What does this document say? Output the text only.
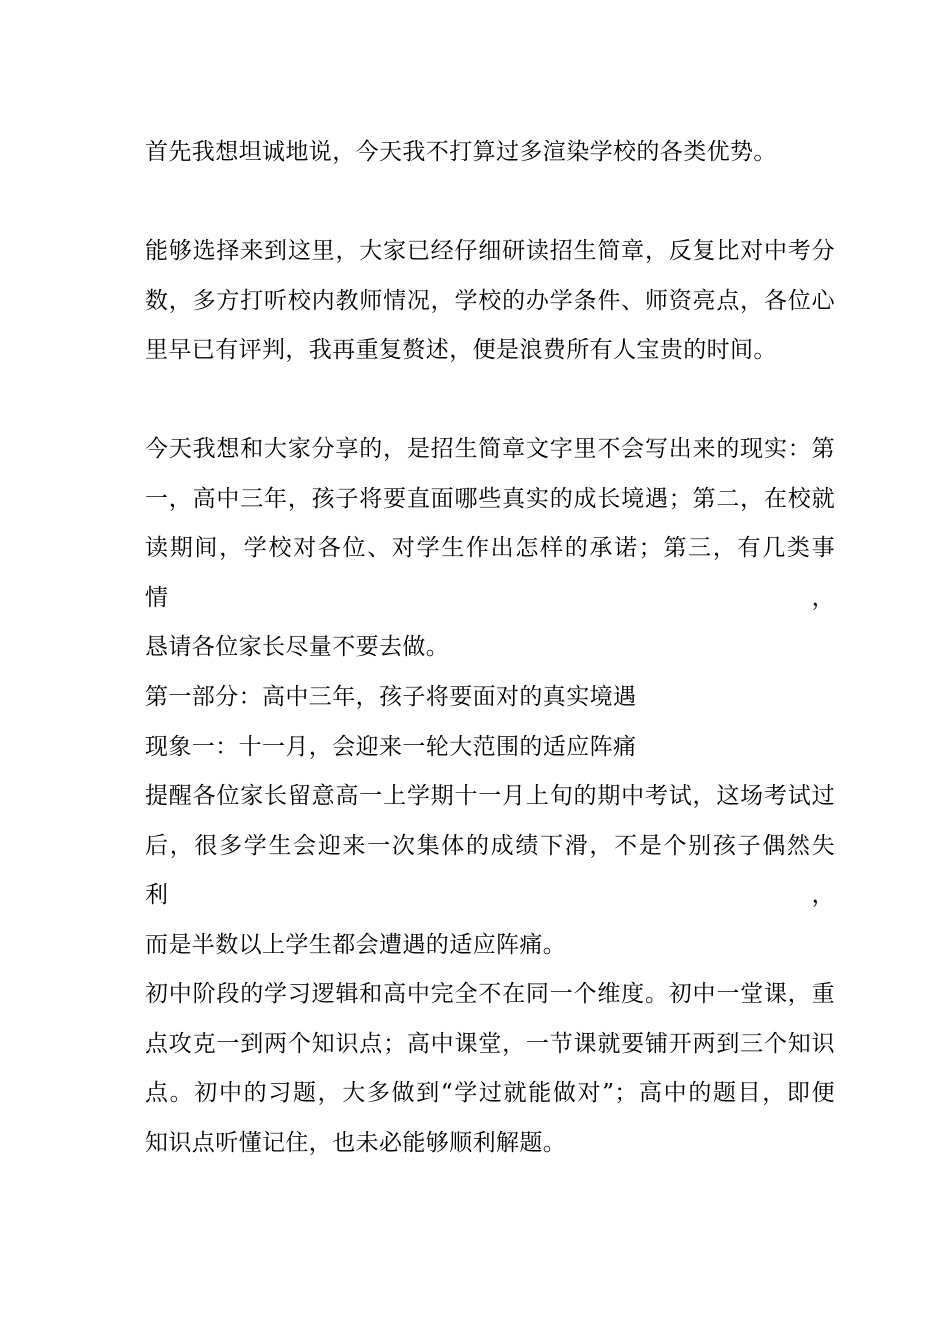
首先我想坦诚地说，今天我不打算过多渲染学校的各类优势。
能够选择来到这里，大家已经仔细研读招生简章，反复比对中考分
数，多方打听校内教师情况，学校的办学条件、师资亮点，各位心
里早已有评判，我再重复赘述，便是浪费所有人宝贵的时间。
今天我想和大家分享的，是招生简章文字里不会写出来的现实：第
一，高中三年，孩子将要直面哪些真实的成长境遇；第二，在校就
读期间，学校对各位、对学生作出怎样的承诺；第三，有几类事情，
恳请各位家长尽量不要去做。
第一部分：高中三年，孩子将要面对的真实境遇
现象一：十一月，会迎来一轮大范围的适应阵痛
提醒各位家长留意高一上学期十一月上旬的期中考试，这场考试过
后，很多学生会迎来一次集体的成绩下滑，不是个别孩子偶然失利，
而是半数以上学生都会遭遇的适应阵痛。
初中阶段的学习逻辑和高中完全不在同一个维度。初中一堂课，重
点攻克一到两个知识点；高中课堂，一节课就要铺开两到三个知识
点。初中的习题，大多做到“学过就能做对”；高中的题目，即便
知识点听懂记住，也未必能够顺利解题。
